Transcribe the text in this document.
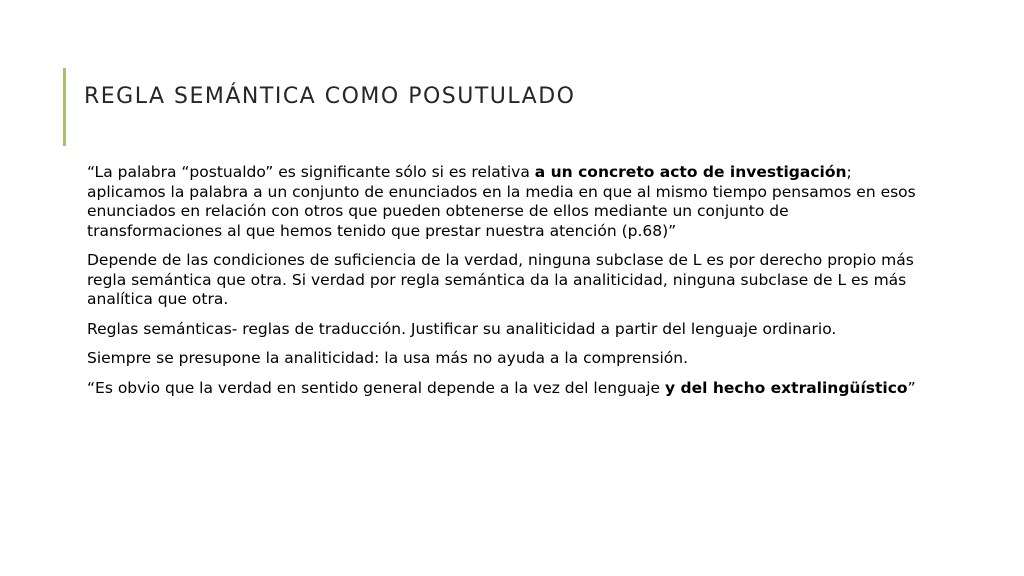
REGLA SEMÁNTICA COMO POSUTULADO

“La palabra “postualdo” es significante sólo si es relativa a un concreto acto de investigación; aplicamos la palabra a un conjunto de enunciados en la media en que al mismo tiempo pensamos en esos enunciados en relación con otros que pueden obtenerse de ellos mediante un conjunto de transformaciones al que hemos tenido que prestar nuestra atención (p.68)”

Depende de las condiciones de suficiencia de la verdad, ninguna subclase de L es por derecho propio más regla semántica que otra. Si verdad por regla semántica da la analiticidad, ninguna subclase de L es más analítica que otra.

Reglas semánticas- reglas de traducción. Justificar su analiticidad a partir del lenguaje ordinario.

Siempre se presupone la analiticidad: la usa más no ayuda a la comprensión.

“Es obvio que la verdad en sentido general depende a la vez del lenguaje y del hecho extralingüístico”
